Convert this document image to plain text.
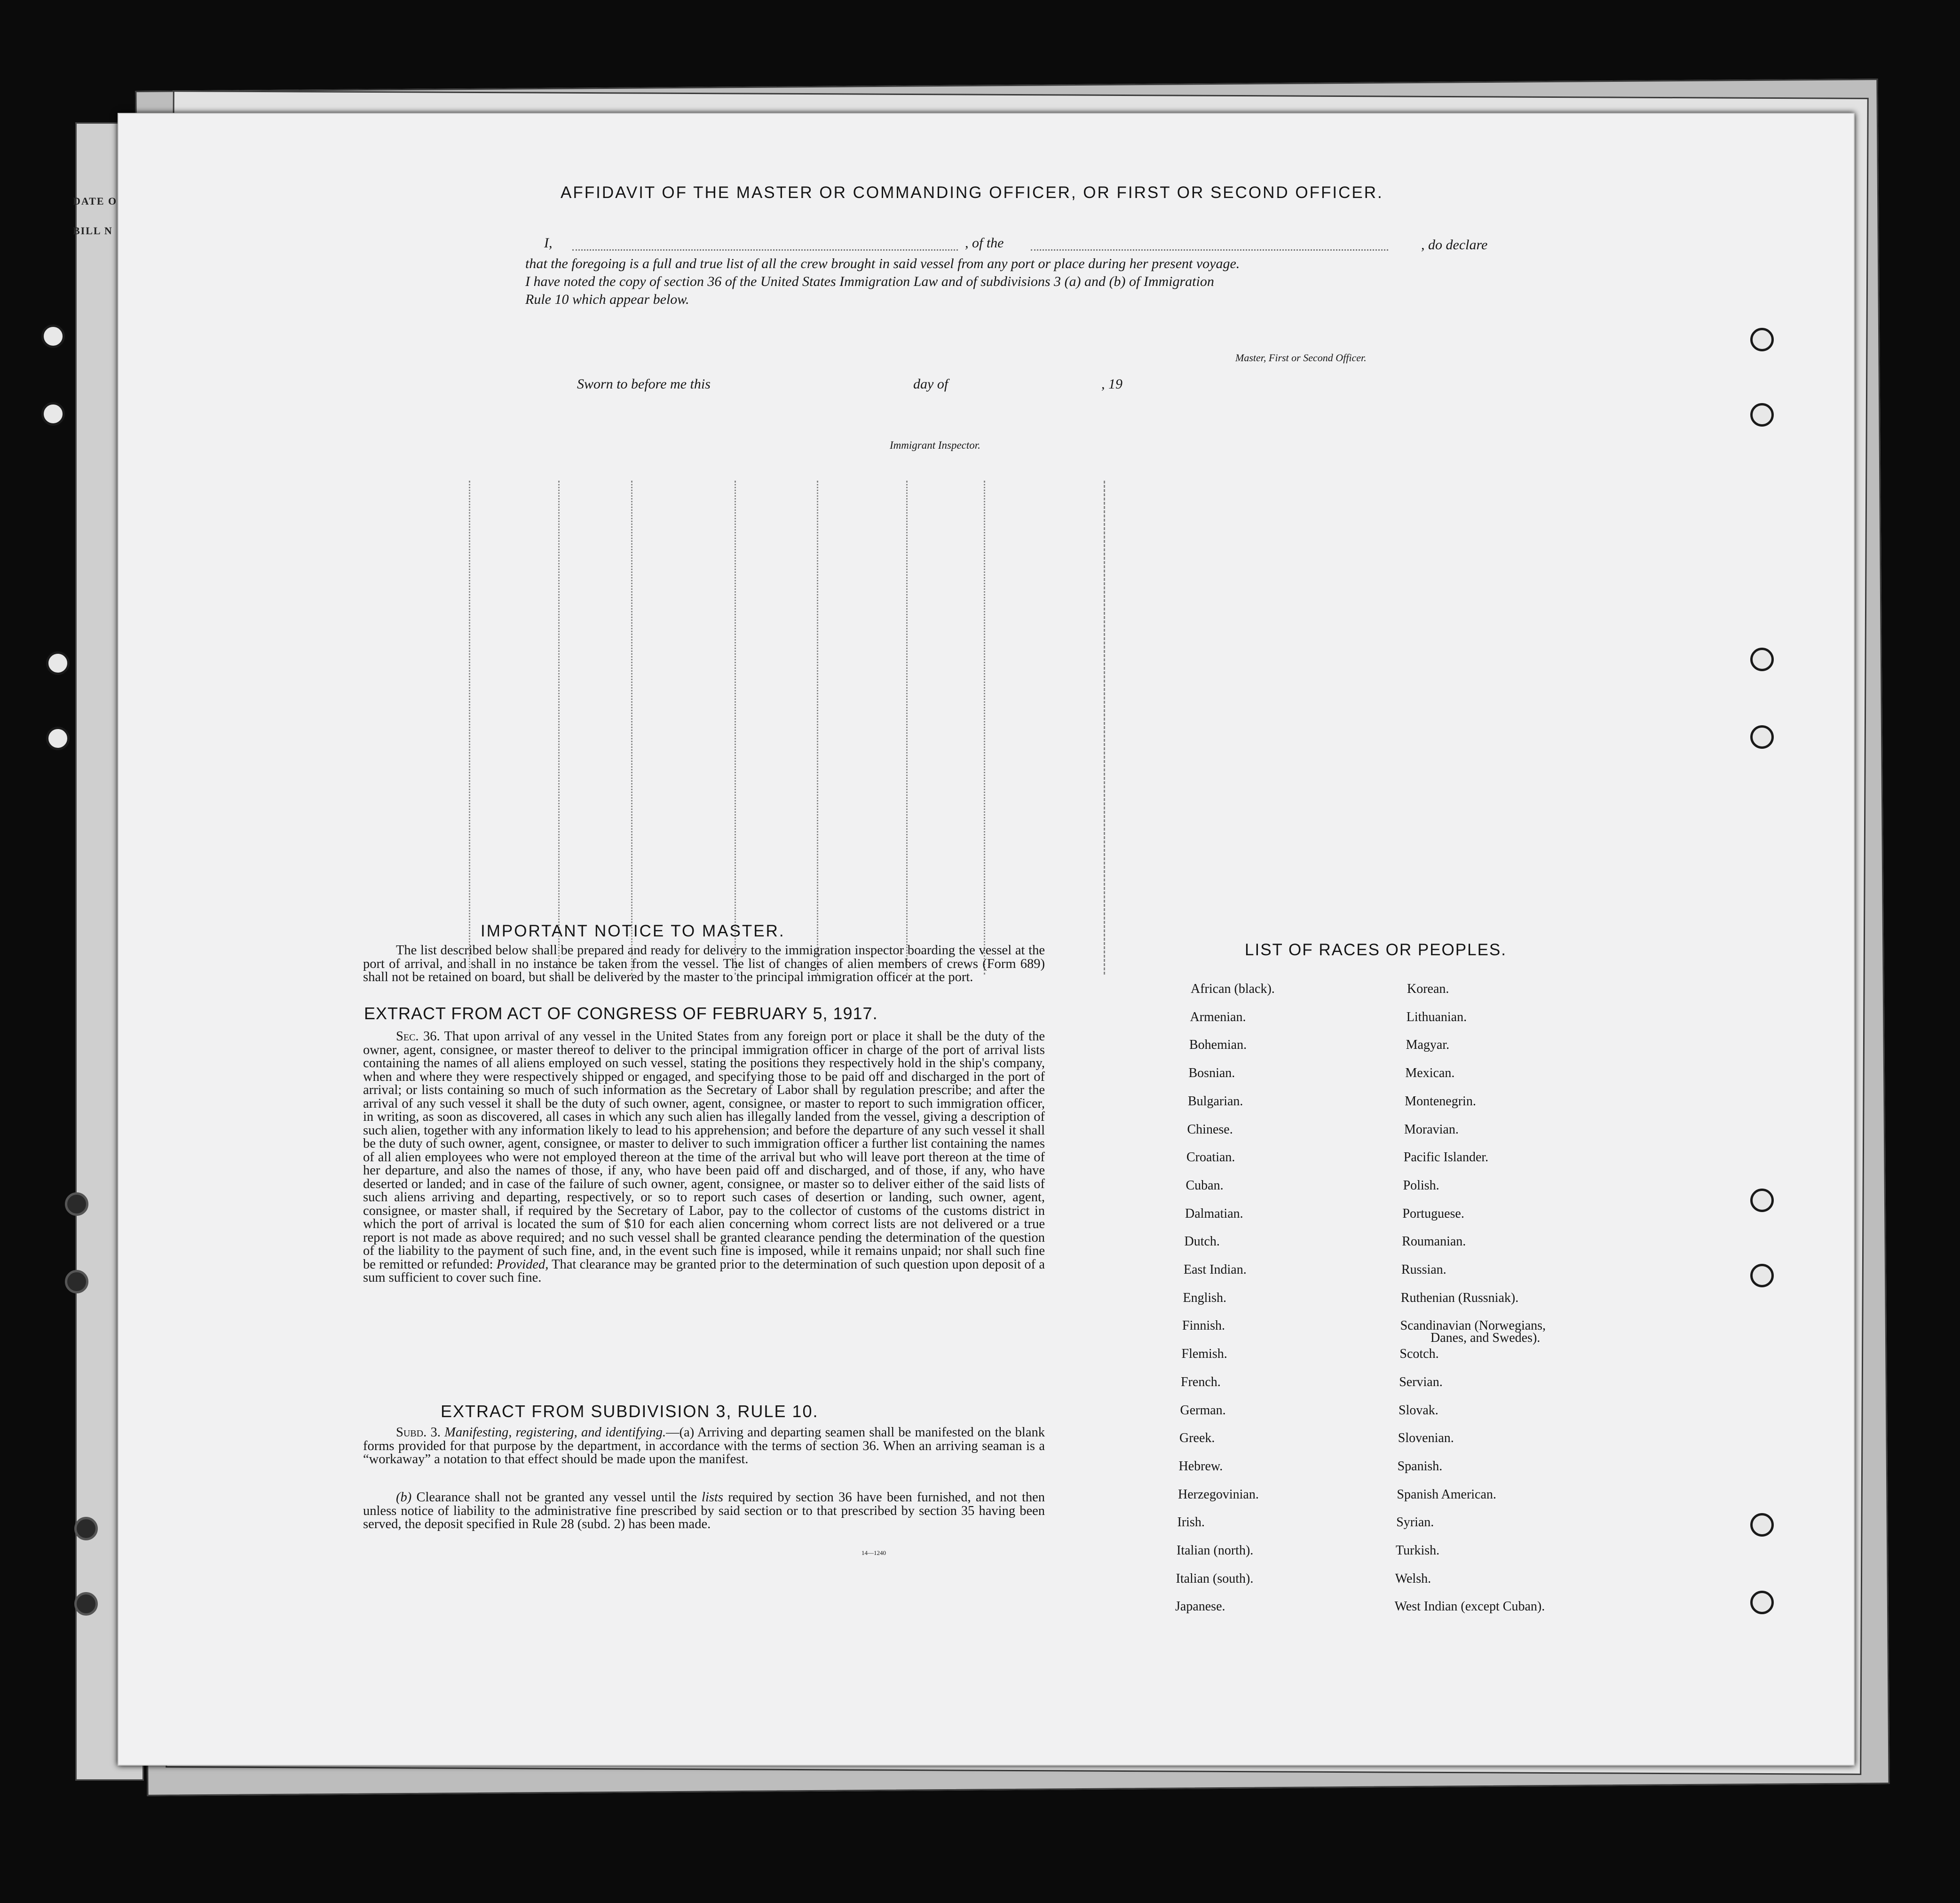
DATE O
BILL N
AFFIDAVIT OF THE MASTER OR COMMANDING OFFICER, OR FIRST OR SECOND OFFICER.
I,	, of the	, do declare
that the foregoing is a full and true list of all the crew brought in said vessel from any port or place during her present voyage.
I have noted the copy of section 36 of the United States Immigration Law and of subdivisions 3 (a) and (b) of Immigration
Rule 10 which appear below.
Master, First or Second Officer.
Sworn to before me this	day of	, 19
Immigrant Inspector.
IMPORTANT NOTICE TO MASTER.
The list described below shall be prepared and ready for delivery to the immigration inspector boarding the vessel at the port of arrival, and shall in no instance be taken from the vessel. The list of changes of alien members of crews (Form 689) shall not be retained on board, but shall be delivered by the master to the principal immigration officer at the port.
EXTRACT FROM ACT OF CONGRESS OF FEBRUARY 5, 1917.
Sec. 36. That upon arrival of any vessel in the United States from any foreign port or place it shall be the duty of the owner, agent, consignee, or master thereof to deliver to the principal immigration officer in charge of the port of arrival lists containing the names of all aliens employed on such vessel, stating the positions they respectively hold in the ship's company, when and where they were respectively shipped or engaged, and specifying those to be paid off and discharged in the port of arrival; or lists containing so much of such information as the Secretary of Labor shall by regulation prescribe; and after the arrival of any such vessel it shall be the duty of such owner, agent, consignee, or master to report to such immigration officer, in writing, as soon as discovered, all cases in which any such alien has illegally landed from the vessel, giving a description of such alien, together with any information likely to lead to his apprehension; and before the departure of any such vessel it shall be the duty of such owner, agent, consignee, or master to deliver to such immigration officer a further list containing the names of all alien employees who were not employed thereon at the time of the arrival but who will leave port thereon at the time of her departure, and also the names of those, if any, who have been paid off and discharged, and of those, if any, who have deserted or landed; and in case of the failure of such owner, agent, consignee, or master so to deliver either of the said lists of such aliens arriving and departing, respectively, or so to report such cases of desertion or landing, such owner, agent, consignee, or master shall, if required by the Secretary of Labor, pay to the collector of customs of the customs district in which the port of arrival is located the sum of $10 for each alien concerning whom correct lists are not delivered or a true report is not made as above required; and no such vessel shall be granted clearance pending the determination of the question of the liability to the payment of such fine, and, in the event such fine is imposed, while it remains unpaid; nor shall such fine be remitted or refunded: Provided, That clearance may be granted prior to the determination of such question upon deposit of a sum sufficient to cover such fine.
EXTRACT FROM SUBDIVISION 3, RULE 10.
Subd. 3. Manifesting, registering, and identifying.—(a) Arriving and departing seamen shall be manifested on the blank forms provided for that purpose by the department, in accordance with the terms of section 36. When an arriving seaman is a “workaway” a notation to that effect should be made upon the manifest.
(b) Clearance shall not be granted any vessel until the lists required by section 36 have been furnished, and not then unless notice of liability to the administrative fine prescribed by said section or to that prescribed by section 35 having been served, the deposit specified in Rule 28 (subd. 2) has been made.
14—1240
LIST OF RACES OR PEOPLES.
African (black).
Armenian.
Bohemian.
Bosnian.
Bulgarian.
Chinese.
Croatian.
Cuban.
Dalmatian.
Dutch.
East Indian.
English.
Finnish.
Flemish.
French.
German.
Greek.
Hebrew.
Herzegovinian.
Irish.
Italian (north).
Italian (south).
Japanese.
Korean.
Lithuanian.
Magyar.
Mexican.
Montenegrin.
Moravian.
Pacific Islander.
Polish.
Portuguese.
Roumanian.
Russian.
Ruthenian (Russniak).
Scandinavian (Norwegians,
Scotch.
Servian.
Slovak.
Slovenian.
Spanish.
Spanish American.
Syrian.
Turkish.
Welsh.
West Indian (except Cuban).
Danes, and Swedes).
